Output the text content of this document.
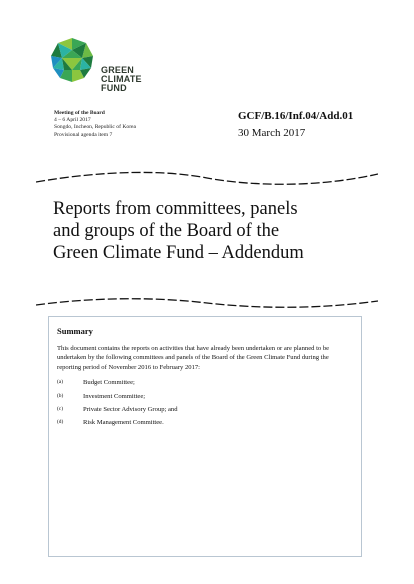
GREEN
CLIMATE
FUND
Meeting of the Board
4 – 6 April 2017
Songdo, Incheon, Republic of Korea
Provisional agenda item 7
GCF/B.16/Inf.04/Add.01
30 March 2017
Reports from committees, panels
and groups of the Board of the
Green Climate Fund – Addendum
Summary

This document contains the reports on activities that have already been undertaken or are planned to be undertaken by the following committees and panels of the Board of the Green Climate Fund during the reporting period of November 2016 to February 2017:

(a)	Budget Committee;
(b)	Investment Committee;
(c)	Private Sector Advisory Group; and
(d)	Risk Management Committee.
